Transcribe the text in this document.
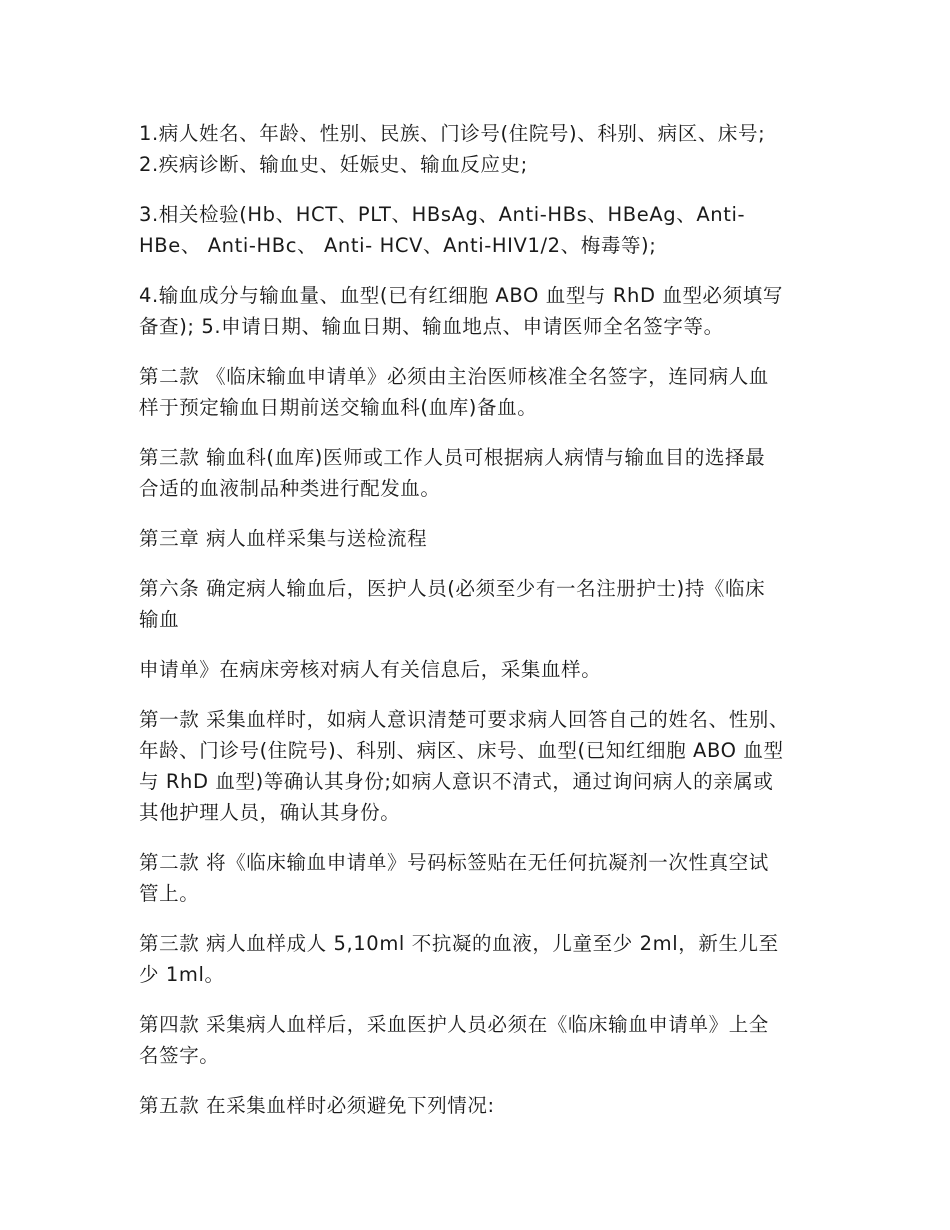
1.病人姓名、年龄、性别、民族、门诊号(住院号)、科别、病区、床号;

2.疾病诊断、输血史、妊娠史、输血反应史;

3.相关检验(Hb、HCT、PLT、HBsAg、Anti-HBs、HBeAg、Anti-
HBe、 Anti-HBc、 Anti- HCV、Anti-HIV1/2、梅毒等);

4.输血成分与输血量、血型(已有红细胞 ABO 血型与 RhD 血型必须填写
备查); 5.申请日期、输血日期、输血地点、申请医师全名签字等。

第二款 《临床输血申请单》必须由主治医师核准全名签字，连同病人血
样于预定输血日期前送交输血科(血库)备血。

第三款 输血科(血库)医师或工作人员可根据病人病情与输血目的选择最
合适的血液制品种类进行配发血。

第三章 病人血样采集与送检流程

第六条 确定病人输血后，医护人员(必须至少有一名注册护士)持《临床
输血

申请单》在病床旁核对病人有关信息后，采集血样。

第一款 采集血样时，如病人意识清楚可要求病人回答自己的姓名、性别、
年龄、门诊号(住院号)、科别、病区、床号、血型(已知红细胞 ABO 血型
与 RhD 血型)等确认其身份;如病人意识不清式，通过询问病人的亲属或
其他护理人员，确认其身份。

第二款 将《临床输血申请单》号码标签贴在无任何抗凝剂一次性真空试
管上。

第三款 病人血样成人 5,10ml 不抗凝的血液，儿童至少 2ml，新生儿至
少 1ml。

第四款 采集病人血样后，采血医护人员必须在《临床输血申请单》上全
名签字。

第五款 在采集血样时必须避免下列情况:
